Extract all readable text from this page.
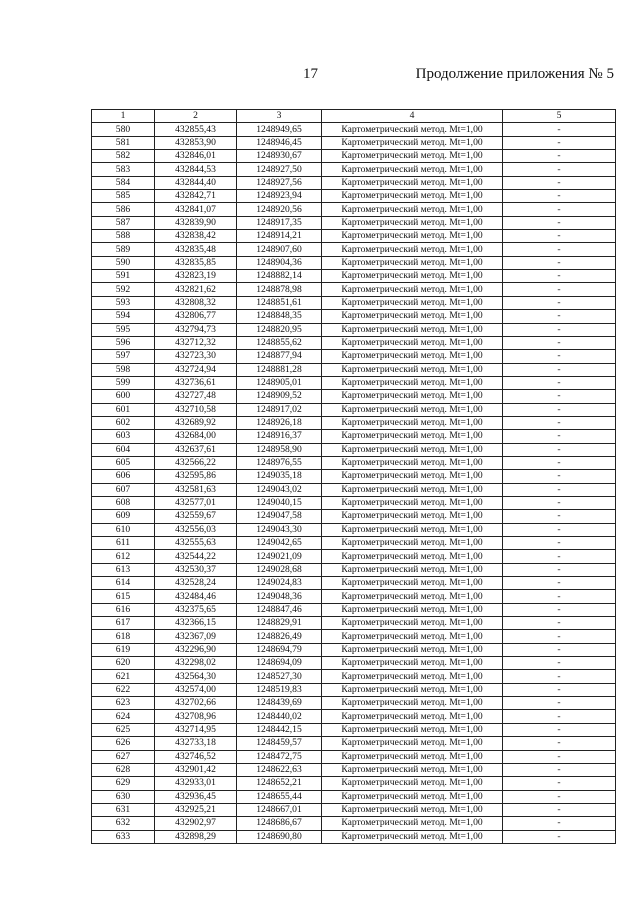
17	Продолжение приложения № 5
1	2	3	4	5
580	432855,43	1248949,65	Картометрический метод. Mt=1,00	-
581	432853,90	1248946,45	Картометрический метод. Mt=1,00	-
582	432846,01	1248930,67	Картометрический метод. Mt=1,00	-
583	432844,53	1248927,50	Картометрический метод. Mt=1,00	-
584	432844,40	1248927,56	Картометрический метод. Mt=1,00	-
585	432842,71	1248923,94	Картометрический метод. Mt=1,00	-
586	432841,07	1248920,56	Картометрический метод. Mt=1,00	-
587	432839,90	1248917,35	Картометрический метод. Mt=1,00	-
588	432838,42	1248914,21	Картометрический метод. Mt=1,00	-
589	432835,48	1248907,60	Картометрический метод. Mt=1,00	-
590	432835,85	1248904,36	Картометрический метод. Mt=1,00	-
591	432823,19	1248882,14	Картометрический метод. Mt=1,00	-
592	432821,62	1248878,98	Картометрический метод. Mt=1,00	-
593	432808,32	1248851,61	Картометрический метод. Mt=1,00	-
594	432806,77	1248848,35	Картометрический метод. Mt=1,00	-
595	432794,73	1248820,95	Картометрический метод. Mt=1,00	-
596	432712,32	1248855,62	Картометрический метод. Mt=1,00	-
597	432723,30	1248877,94	Картометрический метод. Mt=1,00	-
598	432724,94	1248881,28	Картометрический метод. Mt=1,00	-
599	432736,61	1248905,01	Картометрический метод. Mt=1,00	-
600	432727,48	1248909,52	Картометрический метод. Mt=1,00	-
601	432710,58	1248917,02	Картометрический метод. Mt=1,00	-
602	432689,92	1248926,18	Картометрический метод. Mt=1,00	-
603	432684,00	1248916,37	Картометрический метод. Mt=1,00	-
604	432637,61	1248958,90	Картометрический метод. Mt=1,00	-
605	432566,22	1248976,55	Картометрический метод. Mt=1,00	-
606	432595,86	1249035,18	Картометрический метод. Mt=1,00	-
607	432581,63	1249043,02	Картометрический метод. Mt=1,00	-
608	432577,01	1249040,15	Картометрический метод. Mt=1,00	-
609	432559,67	1249047,58	Картометрический метод. Mt=1,00	-
610	432556,03	1249043,30	Картометрический метод. Mt=1,00	-
611	432555,63	1249042,65	Картометрический метод. Mt=1,00	-
612	432544,22	1249021,09	Картометрический метод. Mt=1,00	-
613	432530,37	1249028,68	Картометрический метод. Mt=1,00	-
614	432528,24	1249024,83	Картометрический метод. Mt=1,00	-
615	432484,46	1249048,36	Картометрический метод. Mt=1,00	-
616	432375,65	1248847,46	Картометрический метод. Mt=1,00	-
617	432366,15	1248829,91	Картометрический метод. Mt=1,00	-
618	432367,09	1248826,49	Картометрический метод. Mt=1,00	-
619	432296,90	1248694,79	Картометрический метод. Mt=1,00	-
620	432298,02	1248694,09	Картометрический метод. Mt=1,00	-
621	432564,30	1248527,30	Картометрический метод. Mt=1,00	-
622	432574,00	1248519,83	Картометрический метод. Mt=1,00	-
623	432702,66	1248439,69	Картометрический метод. Mt=1,00	-
624	432708,96	1248440,02	Картометрический метод. Mt=1,00	-
625	432714,95	1248442,15	Картометрический метод. Mt=1,00	-
626	432733,18	1248459,57	Картометрический метод. Mt=1,00	-
627	432746,52	1248472,75	Картометрический метод. Mt=1,00	-
628	432901,42	1248622,63	Картометрический метод. Mt=1,00	-
629	432933,01	1248652,21	Картометрический метод. Mt=1,00	-
630	432936,45	1248655,44	Картометрический метод. Mt=1,00	-
631	432925,21	1248667,01	Картометрический метод. Mt=1,00	-
632	432902,97	1248686,67	Картометрический метод. Mt=1,00	-
633	432898,29	1248690,80	Картометрический метод. Mt=1,00	-
